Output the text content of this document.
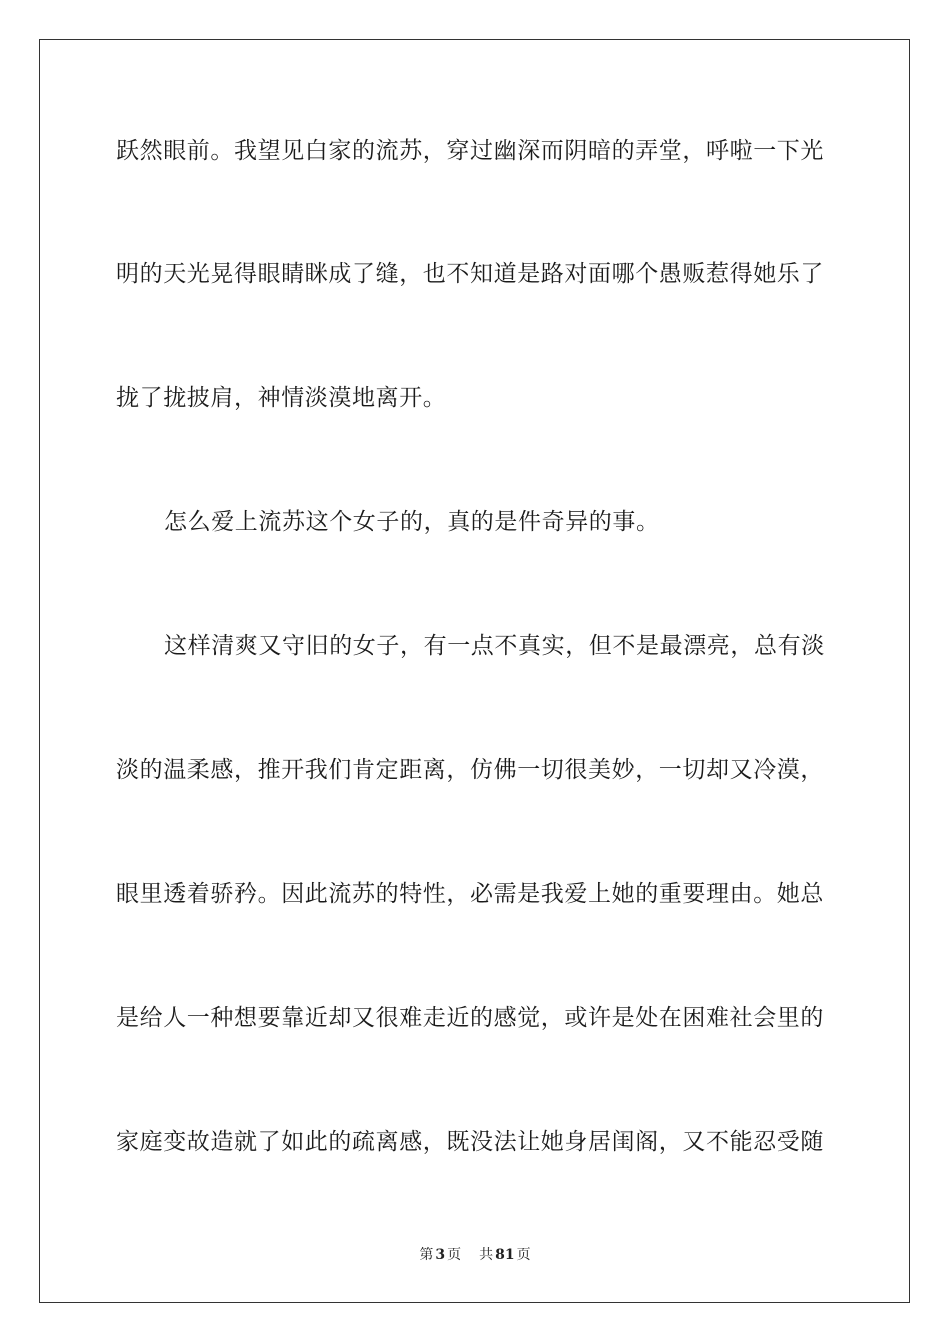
跃然眼前。我望见白家的流苏，穿过幽深而阴暗的弄堂，呼啦一下光
明的天光晃得眼睛眯成了缝，也不知道是路对面哪个愚贩惹得她乐了
拢了拢披肩，神情淡漠地离开。
怎么爱上流苏这个女子的，真的是件奇异的事。
这样清爽又守旧的女子，有一点不真实，但不是最漂亮，总有淡
淡的温柔感，推开我们肯定距离，仿佛一切很美妙，一切却又冷漠，
眼里透着骄矜。因此流苏的特性，必需是我爱上她的重要理由。她总
是给人一种想要靠近却又很难走近的感觉，或许是处在困难社会里的
家庭变故造就了如此的疏离感，既没法让她身居闺阁，又不能忍受随
第 3 页 共 81 页
